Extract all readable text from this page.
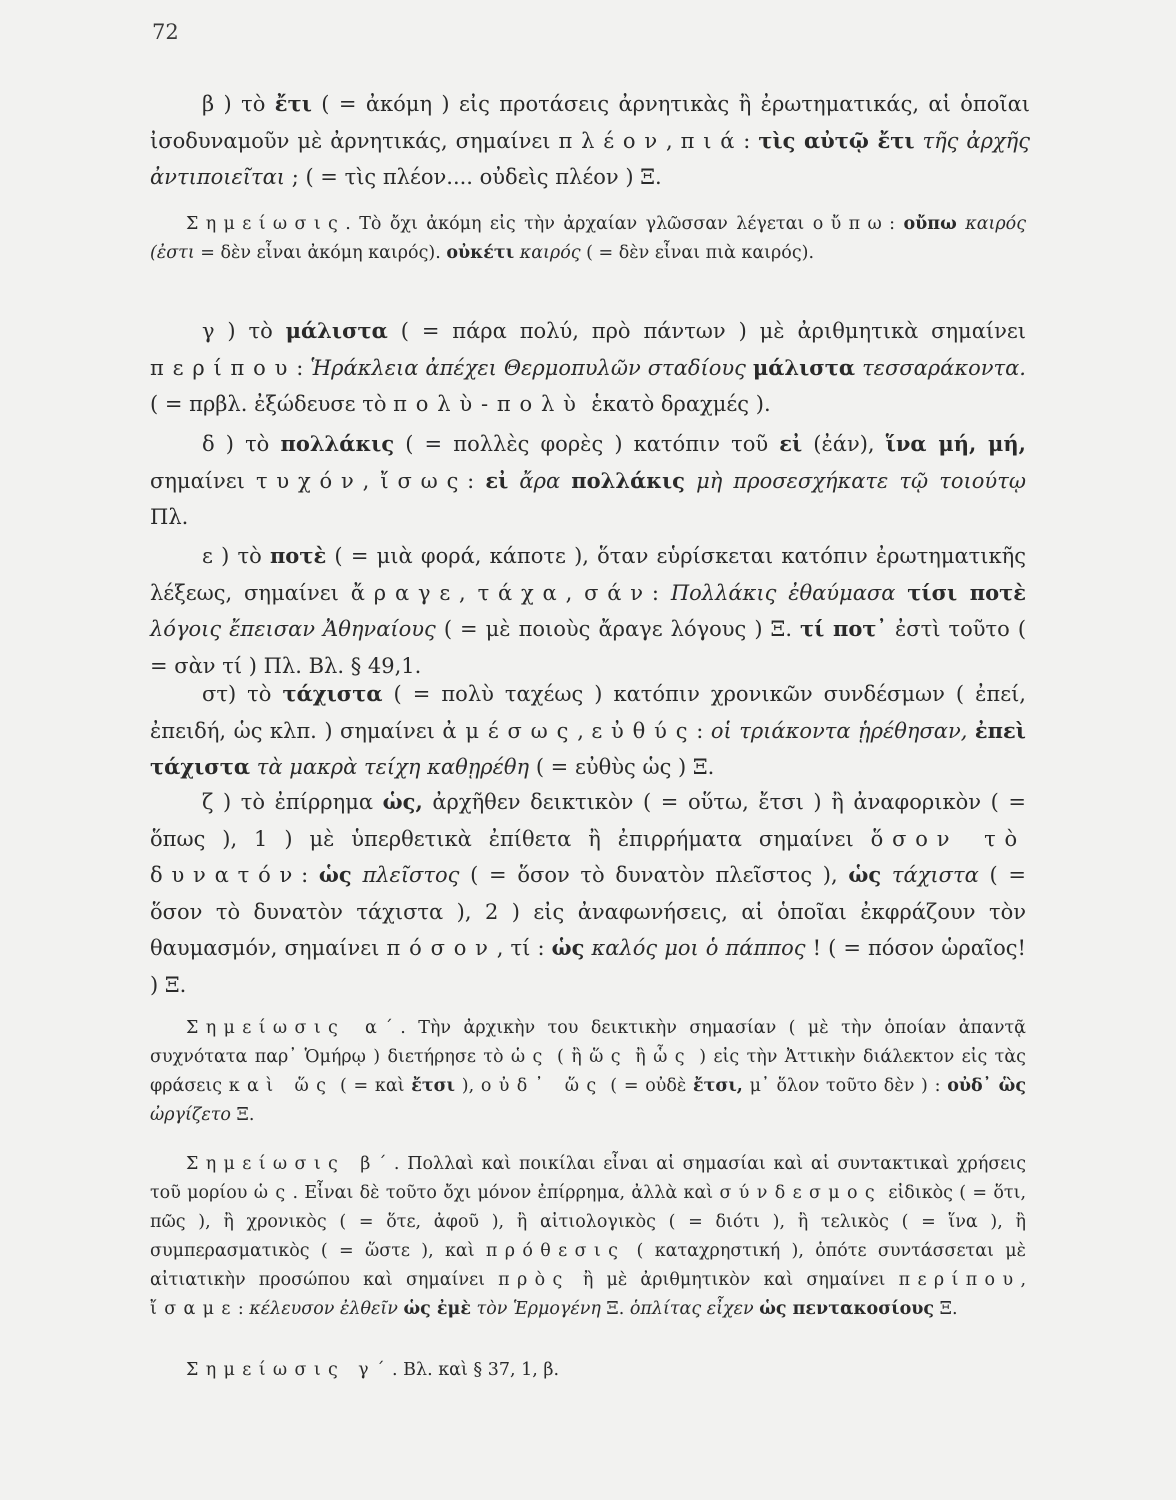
72

β ) τὸ ἔτι ( = ἀκόμη ) εἰς προτάσεις ἀρνητικὰς ἢ ἐρωτηματικάς, αἱ ὁποῖαι ἰσοδυναμοῦν μὲ ἀρνητικάς, σημαίνει πλέον, πιά: τὶς αὐτῷ ἔτι τῆς ἀρχῆς ἀντιποιεῖται ; ( = τὶς πλέον.... οὐδεὶς πλέον ) Ξ.

Σημείωσις. Τὸ ὄχι ἀκόμη εἰς τὴν ἀρχαίαν γλῶσσαν λέγεται οὔπω: οὔπω καιρός (ἐστι = δὲν εἶναι ἀκόμη καιρός). οὐκέτι καιρός ( = δὲν εἶναι πιὰ καιρός).

γ ) τὸ μάλιστα ( = πάρα πολύ, πρὸ πάντων ) μὲ ἀριθμητικὰ σημαίνει περίπου: Ἡράκλεια ἀπέχει Θερμοπυλῶν σταδίους μάλιστα τεσσαράκοντα. ( = πρβλ. ἐξώδευσε τὸ πολὺ-πολὺ ἑκατὸ δραχμές ).

δ ) τὸ πολλάκις ( = πολλὲς φορὲς ) κατόπιν τοῦ εἰ (ἐάν), ἵνα μή, μή, σημαίνει τυχόν, ἴσως: εἰ ἄρα πολλάκις μὴ προσεσχήκατε τῷ τοιούτῳ Πλ.

ε ) τὸ ποτὲ ( = μιὰ φορά, κάποτε ), ὅταν εὑρίσκεται κατόπιν ἐρωτηματικῆς λέξεως, σημαίνει ἄραγε, τάχα, σάν: Πολλάκις ἐθαύμασα τίσι ποτὲ λόγοις ἔπεισαν Ἀθηναίους ( = μὲ ποιοὺς ἄραγε λόγους ) Ξ. τί ποτ᾽ ἐστὶ τοῦτο ( = σὰν τί ) Πλ. Βλ. § 49,1.

στ) τὸ τάχιστα ( = πολὺ ταχέως ) κατόπιν χρονικῶν συνδέσμων ( ἐπεί, ἐπειδή, ὡς κλπ. ) σημαίνει ἀμέσως, εὐθύς: οἱ τριάκοντα ᾑρέθησαν, ἐπεὶ τάχιστα τὰ μακρὰ τείχη καθῃρέθη ( = εὐθὺς ὡς ) Ξ.

ζ ) τὸ ἐπίρρημα ὡς, ἀρχῆθεν δεικτικὸν ( = οὕτω, ἔτσι ) ἢ ἀναφορικὸν ( = ὅπως ), 1 ) μὲ ὑπερθετικὰ ἐπίθετα ἢ ἐπιρρήματα σημαίνει ὅσον τὸ δυνατόν: ὡς πλεῖστος ( = ὅσον τὸ δυνατὸν πλεῖστος ), ὡς τάχιστα ( = ὅσον τὸ δυνατὸν τάχιστα ), 2 ) εἰς ἀναφωνήσεις, αἱ ὁποῖαι ἐκφράζουν τὸν θαυμασμόν, σημαίνει πόσον, τί : ὡς καλός μοι ὁ πάππος ! ( = πόσον ὡραῖος! ) Ξ.

Σημείωσις α΄. Τὴν ἀρχικὴν του δεικτικὴν σημασίαν ( μὲ τὴν ὁποίαν ἀπαντᾷ συχνότατα παρ᾽ Ὁμήρῳ ) διετήρησε τὸ ὡς ( ἢ ὥς ἢ ὧς ) εἰς τὴν Ἀττικὴν διάλεκτον εἰς τὰς φράσεις καὶ ὥς ( = καὶ ἔτσι ), οὐδ᾽ ὥς ( = οὐδὲ ἔτσι, μ᾽ ὅλον τοῦτο δὲν ) : οὐδ᾽ ὣς ὠργίζετο Ξ.

Σημείωσις β΄. Πολλαὶ καὶ ποικίλαι εἶναι αἱ σημασίαι καὶ αἱ συντακτικαὶ χρήσεις τοῦ μορίου ὡς. Εἶναι δὲ τοῦτο ὄχι μόνον ἐπίρρημα, ἀλλὰ καὶ σύνδεσμος εἰδικὸς ( = ὅτι, πῶς ), ἢ χρονικὸς ( = ὅτε, ἀφοῦ ), ἢ αἰτιολογικὸς ( = διότι ), ἢ τελικὸς ( = ἵνα ), ἢ συμπερασματικὸς ( = ὥστε ), καὶ πρόθεσις ( καταχρηστική ), ὁπότε συντάσσεται μὲ αἰτιατικὴν προσώπου καὶ σημαίνει πρὸς ἢ μὲ ἀριθμητικὸν καὶ σημαίνει περίπου, ἴσαμε: κέλευσον ἐλθεῖν ὡς ἐμὲ τὸν Ἑρμογένη Ξ. ὁπλίτας εἶχεν ὡς πεντακοσίους Ξ.

Σημείωσις γ΄. Βλ. καὶ § 37, 1, β.
